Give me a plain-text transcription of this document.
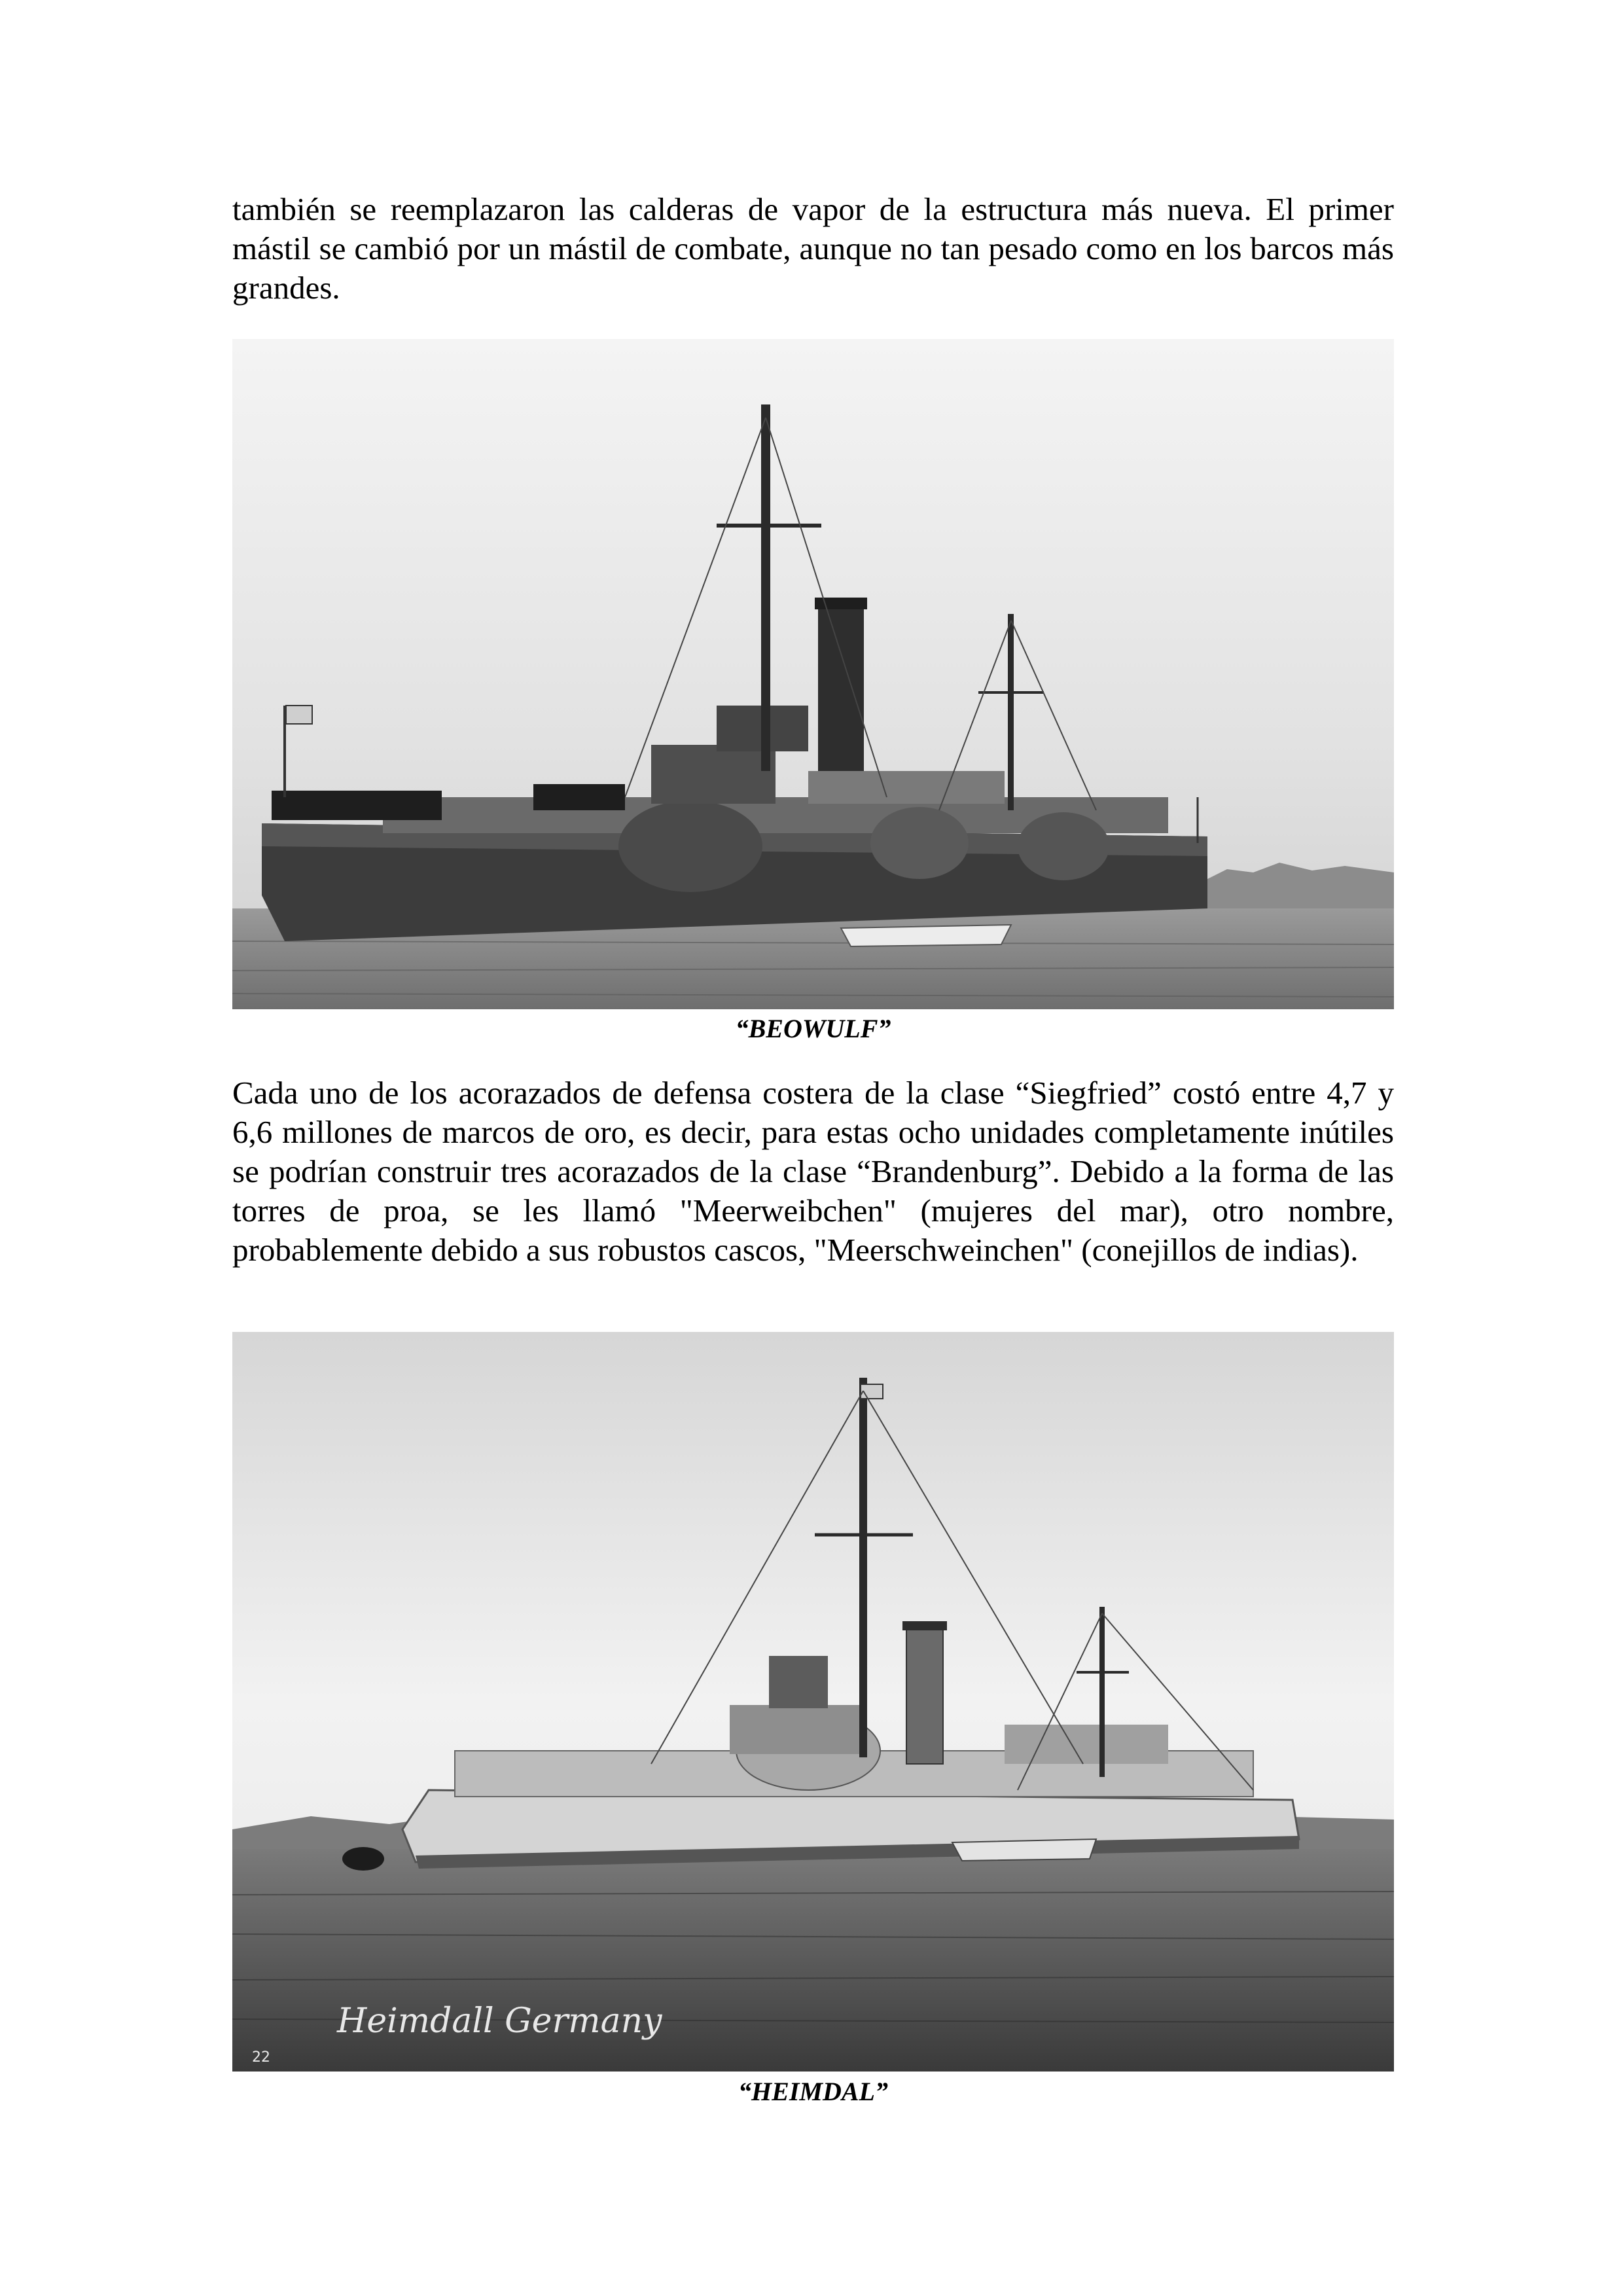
también se reemplazaron las calderas de vapor de la estructura más nueva. El primer mástil se cambió por un mástil de combate, aunque no tan pesado como en los barcos más grandes.

“BEOWULF”

Cada uno de los acorazados de defensa costera de la clase “Siegfried” costó entre 4,7 y 6,6 millones de marcos de oro, es decir, para estas ocho unidades completamente inútiles se podrían construir tres acorazados de la clase “Brandenburg”. Debido a la forma de las torres de proa, se les llamó "Meerweibchen" (mujeres del mar), otro nombre, probablemente debido a sus robustos cascos, "Meerschweinchen" (conejillos de indias).

Heimdall Germany
22
“HEIMDAL”
